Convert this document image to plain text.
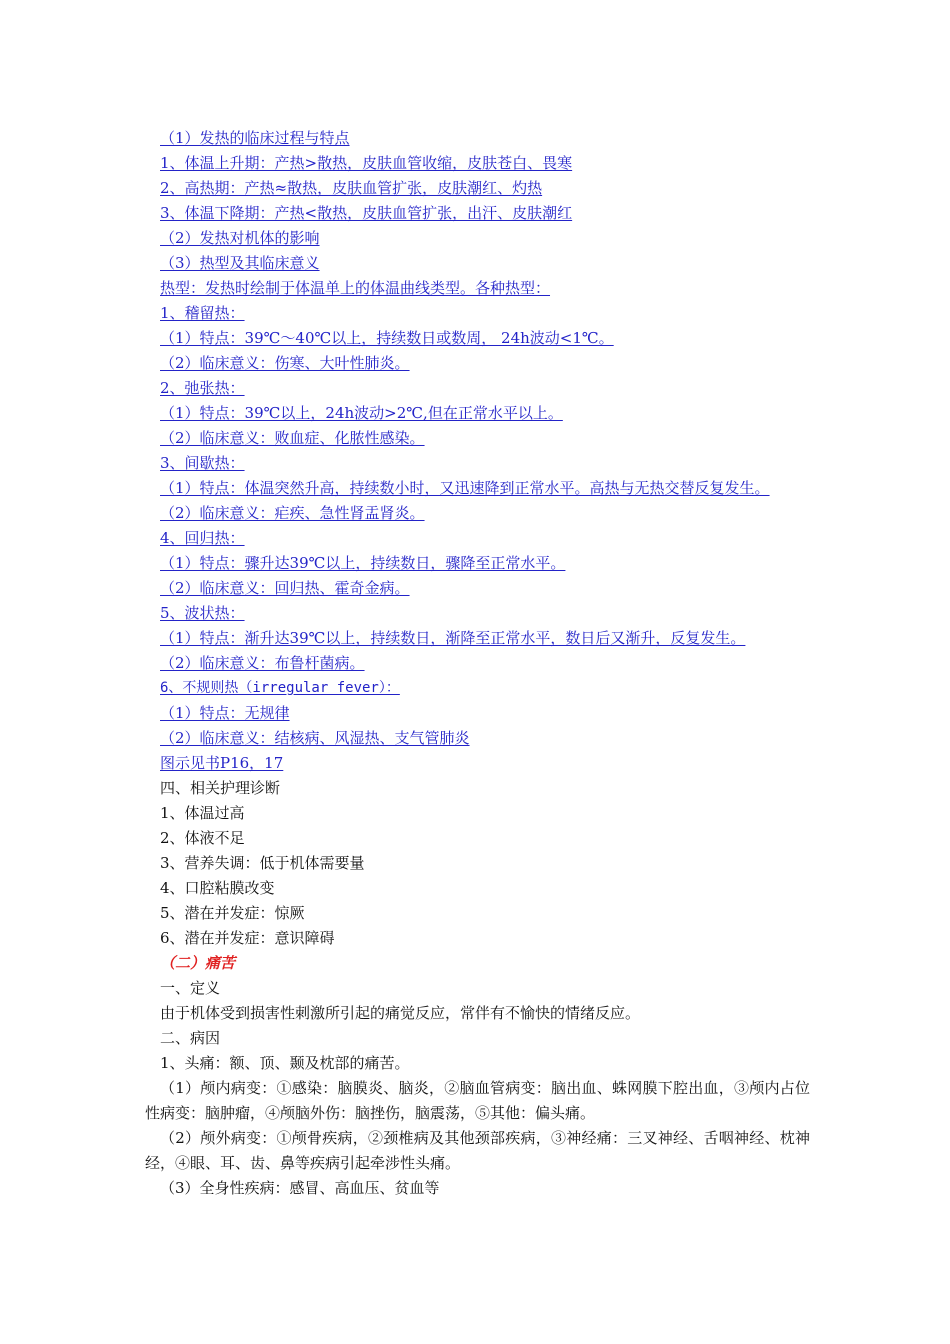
（1）发热的临床过程与特点
1、体温上升期：产热>散热，皮肤血管收缩，皮肤苍白、畏寒
2、高热期：产热≈散热，皮肤血管扩张，皮肤潮红、灼热
3、体温下降期：产热<散热，皮肤血管扩张，出汗、皮肤潮红
（2）发热对机体的影响
（3）热型及其临床意义
热型：发热时绘制于体温单上的体温曲线类型。各种热型：
1、稽留热：
（1）特点：39℃～40℃以上，持续数日或数周， 24h波动<1℃。
（2）临床意义：伤寒、大叶性肺炎。
2、弛张热：
（1）特点：39℃以上，24h波动>2℃,但在正常水平以上。
（2）临床意义：败血症、化脓性感染。
3、间歇热：
（1）特点：体温突然升高，持续数小时，又迅速降到正常水平。高热与无热交替反复发生。
（2）临床意义：疟疾、急性肾盂肾炎。
4、回归热：
（1）特点：骤升达39℃以上，持续数日，骤降至正常水平。
（2）临床意义：回归热、霍奇金病。
5、波状热：
（1）特点：渐升达39℃以上，持续数日，渐降至正常水平，数日后又渐升，反复发生。
（2）临床意义：布鲁杆菌病。
6、不规则热（irregular fever）：
（1）特点：无规律
（2）临床意义：结核病、风湿热、支气管肺炎
图示见书P16，17
四、相关护理诊断
1、体温过高
2、体液不足
3、营养失调：低于机体需要量
4、口腔粘膜改变
5、潜在并发症：惊厥
6、潜在并发症：意识障碍
（二）痛苦
一、定义
由于机体受到损害性刺激所引起的痛觉反应，常伴有不愉快的情绪反应。
二、病因
1、头痛：额、顶、颞及枕部的痛苦。
（1）颅内病变：①感染：脑膜炎、脑炎，②脑血管病变：脑出血、蛛网膜下腔出血，③颅内占位性病变：脑肿瘤，④颅脑外伤：脑挫伤，脑震荡，⑤其他：偏头痛。
（2）颅外病变：①颅骨疾病，②颈椎病及其他颈部疾病，③神经痛：三叉神经、舌咽神经、枕神经，④眼、耳、齿、鼻等疾病引起牵涉性头痛。
（3）全身性疾病：感冒、高血压、贫血等
